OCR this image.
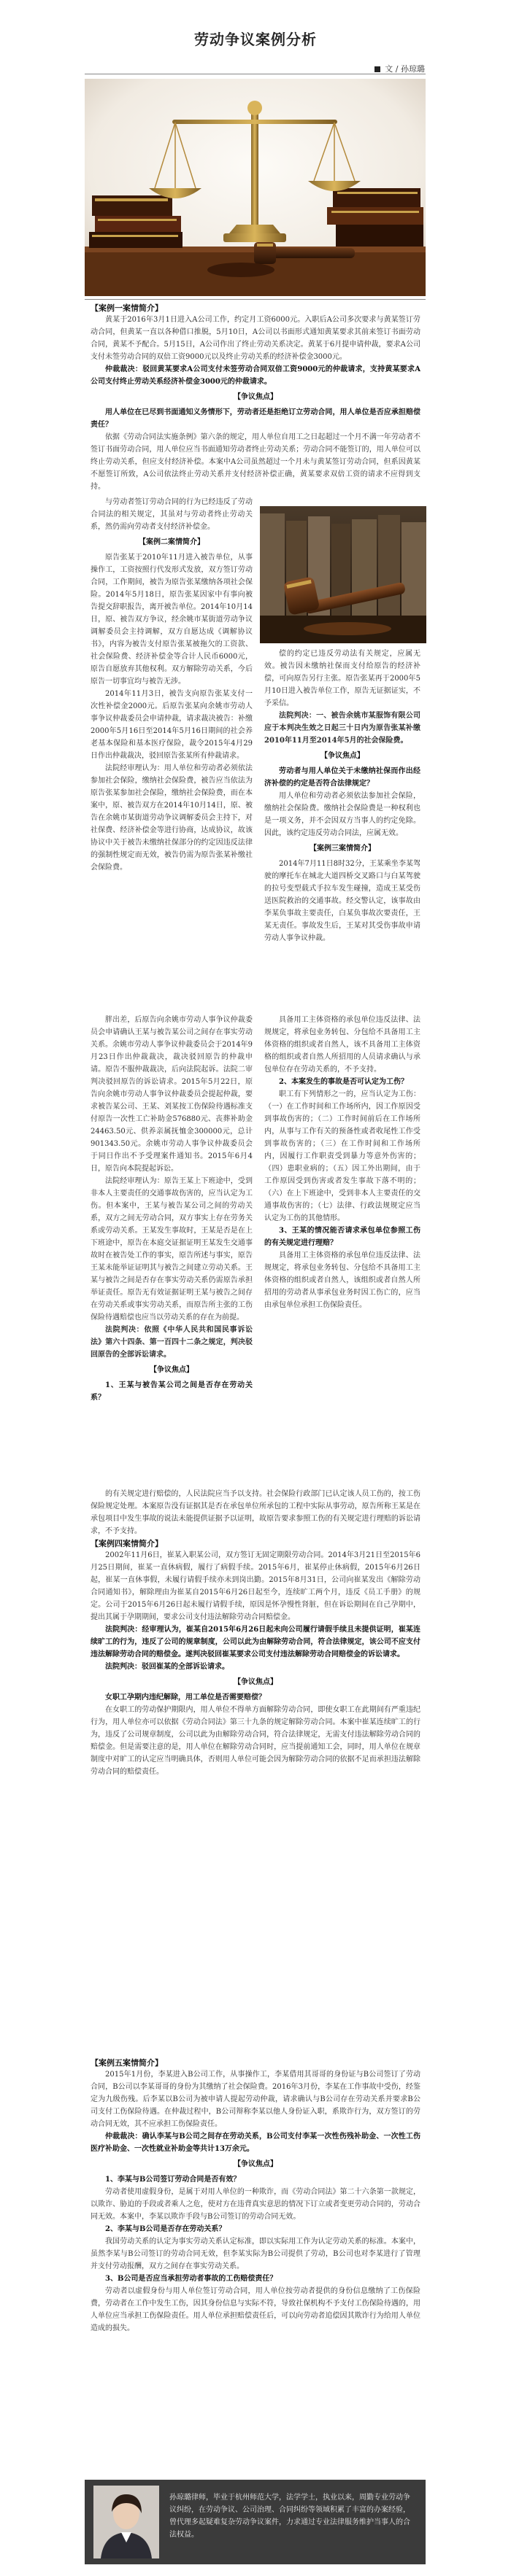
劳动争议案例分析
文 / 孙琼璐
【案例一案情简介】

黄某于2016年3月1日进入A公司工作，约定月工资6000元。入职后A公司多次要求与黄某签订劳动合同，但黄某一直以各种借口推脱，5月10日，A公司以书面形式通知黄某要求其前来签订书面劳动合同，黄某不予配合。5月15日，A公司作出了终止劳动关系决定。黄某于6月提申请仲裁，要求A公司支付未签劳动合同的双倍工资9000元以及终止劳动关系的经济补偿金3000元。

仲裁裁决：驳回黄某要求A公司支付未签劳动合同双倍工资9000元的仲裁请求，支持黄某要求A公司支付终止劳动关系经济补偿金3000元的仲裁请求。

【争议焦点】

用人单位在已尽到书面通知义务情形下，劳动者还是拒绝订立劳动合同，用人单位是否应承担赔偿责任？

依据《劳动合同法实施条例》第六条的规定，用人单位自用工之日起超过一个月不满一年劳动者不签订书面劳动合同，用人单位应当书面通知劳动者终止劳动关系；劳动合同不能签订的，用人单位可以终止劳动关系，但应支付经济补偿。本案中A公司虽然超过一个月未与黄某签订劳动合同，但系因黄某不愿签订所致，A公司依法终止劳动关系并支付经济补偿正确，黄某要求双倍工资的请求不应得到支持。

与劳动者签订劳动合同的行为已经违反了劳动合同法的相关规定，其虽对与劳动者终止劳动关系，然仍需向劳动者支付经济补偿金。

【案例二案情简介】

原告张某于2010年11月进入被告单位，从事操作工，工资按照行代发形式发放，双方签订劳动合同，工作期间，被告为原告张某缴纳各项社会保险。2014年5月18日，原告张某因家中有事向被告提交辞职报告，离开被告单位。2014年10月14日，原、被告双方争议，经余姚市某街道劳动争议调解委员会主持调解，双方自愿达成《调解协议书》，内容为被告支付原告张某被拖欠的工资款、社会保险费、经济补偿金等合计人民币6000元，原告自愿放弃其他权利。双方解除劳动关系，今后原告一切事宜均与被告无涉。

2014年11月3日，被告支向原告张某支付一次性补偿金2000元。后原告张某向余姚市劳动人事争议仲裁委员会申请仲裁，请求裁决被告：补缴2000年5月16日至2014年5月16日期间的社会养老基本保险和基本医疗保险，裁令2015年4月29日作出仲裁裁决，驳回原告张某所有仲裁请求。

法院经审理认为：用人单位和劳动者必须依法参加社会保险，缴纳社会保险费，被告应当依法为原告张某参加社会保险，缴纳社会保险费，而在本案中，原、被告双方在2014年10月14日，原、被告在余姚市某街道劳动争议调解委员会主持下，对社保费、经济补偿金等进行协商，达成协议，故该协议中关于被告未缴纳社保部分的约定因违反法律的强制性规定而无效，被告仍需为原告张某补缴社会保险费。

偿的约定已违反劳动法有关规定，应属无效。被告因未缴纳社保而支付给原告的经济补偿，可向原告另行主张。原告张某再于2000年5月10日进入被告单位工作，原告无证据证实，不予采信。

法院判决：一、被告余姚市某服饰有限公司应于本判决生效之日起三十日内为原告张某补缴2010年11月至2014年5月的社会保险费。

【争议焦点】

劳动者与用人单位关于未缴纳社保而作出经济补偿的约定是否符合法律规定？

用人单位和劳动者必须依法参加社会保险，缴纳社会保险费。缴纳社会保险费是一种权利也是一项义务，并不会因双方当事人的约定免除。因此，该约定违反劳动合同法，应属无效。

【案例三案情简介】

2014年7月11日8时32分，王某乘坐李某驾驶的摩托车在城北大道四桥交叉路口与白某驾驶的拉号变型载式手拉车发生碰撞，造成王某受伤送医院救治的交通事故。经交警认定，该事故由李某负事故主要责任，白某负事故次要责任，王某无责任。事故发生后，王某对其受伤事故申请劳动人事争议仲裁。

胖出差，后原告向余姚市劳动人事争议仲裁委员会申请确认王某与被告某公司之间存在事实劳动关系。余姚市劳动人事争议仲裁委员会于2014年9月23日作出仲裁裁决，裁决驳回原告的仲裁申请。原告不服仲裁裁决，后向法院起诉。法院二审判决驳回原告的诉讼请求。2015年5月22日，原告向余姚市劳动人事争议仲裁委员会提起仲裁，要求被告某公司、王某、刘某按工伤保险待遇标准支付原告一次性工亡补助金576880元、丧葬补助金24463.50元、供养亲属抚恤金300000元，总计901343.50元。余姚市劳动人事争议仲裁委员会于同日作出不予受理案件通知书。2015年6月4日，原告向本院提起诉讼。

法院经审理认为：原告王某上下班途中，受到非本人主要责任的交通事故伤害的，应当认定为工伤。但本案中，王某与被告某公司之间的劳动关系，双方之间无劳动合同，双方事实上存在劳务关系或劳动关系。王某发生事故时，王某是否是在上下班途中，原告在本庭交证据证明王某发生交通事故时在被告处工作的事实，原告所述与事实，原告王某未能举证证明其与被告之间建立劳动关系。王某与被告之间是否存在事实劳动关系仍需原告承担举证责任。原告无有效证据证明王某与被告之间存在劳动关系或事实劳动关系，而原告所主张的工伤保险待遇赔偿也应当以劳动关系的存在为前提。

法院判决：依照《中华人民共和国民事诉讼法》第六十四条、第一百四十二条之规定，判决驳回原告的全部诉讼请求。

【争议焦点】

1、王某与被告某公司之间是否存在劳动关系？

具备用工主体资格的承包单位违反法律、法规规定，将承包业务转包、分包给不具备用工主体资格的组织或者自然人，该不具备用工主体资格的组织或者自然人所招用的人员请求确认与承包单位存在劳动关系的，不予支持。

2、本案发生的事故是否可认定为工伤？

职工有下列情形之一的，应当认定为工伤：（一）在工作时间和工作场所内，因工作原因受到事故伤害的；（二）工作时间前后在工作场所内，从事与工作有关的预备性或者收尾性工作受到事故伤害的；（三）在工作时间和工作场所内，因履行工作职责受到暴力等意外伤害的；（四）患职业病的；（五）因工外出期间，由于工作原因受到伤害或者发生事故下落不明的；（六）在上下班途中，受到非本人主要责任的交通事故伤害的；（七）法律、行政法规规定应当认定为工伤的其他情形。

3、王某的情况能否请求承包单位参照工伤的有关规定进行理赔？

具备用工主体资格的承包单位违反法律、法规规定，将承包业务转包、分包给不具备用工主体资格的组织或者自然人，该组织或者自然人所招用的劳动者从事承包业务时因工伤亡的，应当由承包单位承担工伤保险责任。

的有关规定进行赔偿的，人民法院应当予以支持。社会保险行政部门已认定该人员工伤的，按工伤保险规定处理。本案原告没有证据其是否在承包单位所承包的工程中实际从事劳动，原告所称王某是在承包项目中发生事故的说法未能提供证据予以证明，故原告要求参照工伤的有关规定进行理赔的诉讼请求，不予支持。

【案例四案情简介】

2002年11月6日，崔某入职某公司，双方签订无固定期限劳动合同。2014年3月21日至2015年6月25日期间，崔某一直休病假，履行了病假手续。2015年6月，崔某停止休病假，2015年6月26日起，崔某一直休事假，未履行请假手续亦未到岗出勤。2015年8月31日，公司向崔某发出《解除劳动合同通知书》，解除理由为崔某自2015年6月26日起至今，连续旷工两个月，违反《员工手册》的规定。公司于2015年6月26日起未履行请假手续，原因是怀孕慢性肾脏，但在诉讼期间在自己孕期中，提出其属于孕期期间，要求公司支付违法解除劳动合同赔偿金。

法院判决：经审理认为，崔某自2015年6月26日起未向公司履行请假手续且未提供证明，崔某连续旷工的行为，违反了公司的规章制度，公司以此为由解除劳动合同，符合法律规定，该公司不应支付违法解除劳动合同的赔偿金。遂判决驳回崔某要求公司支付违法解除劳动合同赔偿金的诉讼请求。

法院判决：驳回崔某的全部诉讼请求。

【争议焦点】

女职工孕期内违纪解除，用工单位是否需要赔偿？

在女职工的劳动保护期限内，用人单位不得单方面解除劳动合同，即使女职工在此期间有严重违纪行为，用人单位亦可以依据《劳动合同法》第三十九条的规定解除劳动合同。本案中崔某连续旷工的行为，违反了公司规章制度，公司以此为由解除劳动合同，符合法律规定，无需支付违法解除劳动合同的赔偿金。但是需要注意的是，用人单位在解除劳动合同时，应当提前通知工会，同时，用人单位在规章制度中对旷工的认定应当明确具体，否则用人单位可能会因为解除劳动合同的依据不足而承担违法解除劳动合同的赔偿责任。

【案例五案情简介】

2015年1月份，李某进入B公司工作，从事操作工，李某借用其哥哥的身份证与B公司签订了劳动合同，B公司以李某哥哥的身份为其缴纳了社会保险费。2016年3月份，李某在工作事故中受伤，经鉴定为九级伤残。后李某以B公司为被申请人提起劳动仲裁，请求确认与B公司存在劳动关系并要求B公司支付工伤保险待遇。在仲裁过程中，B公司辩称李某以他人身份证入职，系欺诈行为，双方签订的劳动合同无效，其不应承担工伤保险责任。

仲裁裁决：确认李某与B公司之间存在劳动关系，B公司支付李某一次性伤残补助金、一次性工伤医疗补助金、一次性就业补助金等共计13万余元。

【争议焦点】

1、李某与B公司签订劳动合同是否有效？

劳动者使用虚假身份，是属于对用人单位的一种欺诈，而《劳动合同法》第二十六条第一款规定，以欺诈、胁迫的手段或者乘人之危，使对方在违背真实意思的情况下订立或者变更劳动合同的，劳动合同无效。本案中，李某以欺诈手段与B公司签订的劳动合同无效。

2、李某与B公司是否存在劳动关系？

我国劳动关系的认定为事实劳动关系认定标准，即以实际用工作为认定劳动关系的标准。本案中，虽然李某与B公司签订的劳动合同无效，但李某实际为B公司提供了劳动，B公司也对李某进行了管理并支付劳动报酬，双方之间存在事实劳动关系。

3、B公司是否应当承担劳动者事故的工伤赔偿责任？

劳动者以虚假身份与用人单位签订劳动合同，用人单位按劳动者提供的身份信息缴纳了工伤保险费，劳动者在工作中发生工伤，因其身份信息与实际不符，导致社保机构不予支付工伤保险待遇的，用人单位应当承担工伤保险责任。用人单位承担赔偿责任后，可以向劳动者追偿因其欺诈行为给用人单位造成的损失。

孙琼璐律师，毕业于杭州师范大学，法学学士，执业以来，周勤专业劳动争议纠纷，在劳动争议、公司治理、合同纠纷等领域积累了丰富的办案经验，曾代理多起疑难复杂劳动争议案件，力求通过专业法律服务维护当事人的合法权益。
